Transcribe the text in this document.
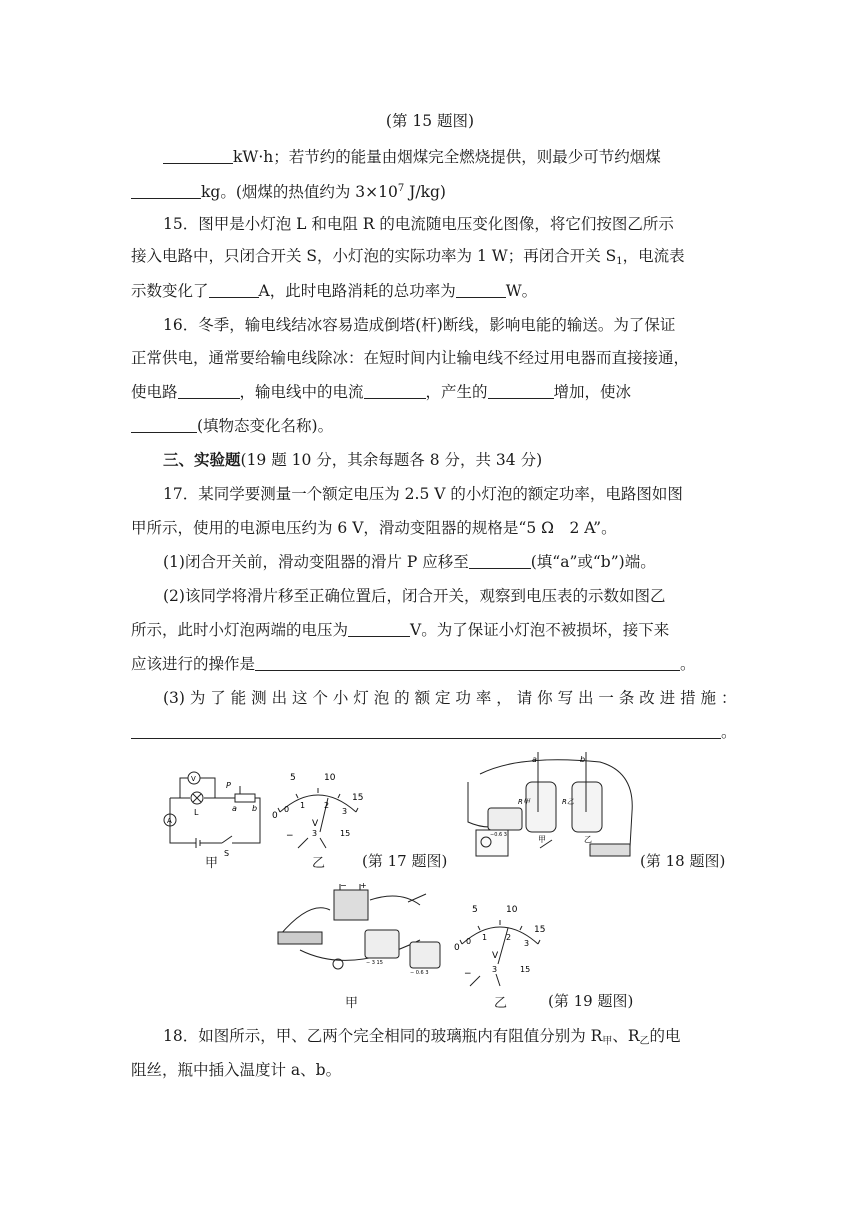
(第 15 题图)
kW·h；若节约的能量由烟煤完全燃烧提供，则最少可节约烟煤
kg。(烟煤的热值约为 $3\times 10^7$ J/kg)
15．图甲是小灯泡 L 和电阻 R 的电流随电压变化图像，将它们按图乙所示
接入电路中，只闭合开关 S，小灯泡的实际功率为 1 W；再闭合开关 $S_1$，电流表
示数变化了	A，此时电路消耗的总功率为	W。
16．冬季，输电线结冰容易造成倒塔(杆)断线，影响电能的输送。为了保证
正常供电，通常要给输电线除冰：在短时间内让输电线不经过用电器而直接接通，
使电路	，输电线中的电流	，产生的	增加，使冰
(填物态变化名称)。
三、实验题(19 题 10 分，其余每题各 8 分，共 34 分)
17．某同学要测量一个额定电压为 2.5 V 的小灯泡的额定功率，电路图如图
甲所示，使用的电源电压约为 6 V，滑动变阻器的规格是“5 Ω　2 A”。
(1)闭合开关前，滑动变阻器的滑片 P 应移至	(填“a”或“b”)端。
(2)该同学将滑片移至正确位置后，闭合开关，观察到电压表的示数如图乙
所示，此时小灯泡两端的电压为	V。为了保证小灯泡不被损坏，接下来
应该进行的操作是	。
(3) 为 了 能 测 出 这 个 小 灯 泡 的 额 定 功 率 ， 请 你 写 出 一 条 改 进 措 施 ：
。
V
P
a b
L
A
S
甲
0
5	10
15
0 1 2
3
V
− 3	15
乙 (第 17 题图)
a	b
R甲	R乙
甲	乙
−0.6 3
(第 18 题图)
− +
− 3 15
− 0.6 3
甲
0
5	10
15
0 1 2
3
V
−	3	15
乙	(第 19 题图)
18．如图所示，甲、乙两个完全相同的玻璃瓶内有阻值分别为 $R_甲$、$R_乙$的电
阻丝，瓶中插入温度计 a、b。
